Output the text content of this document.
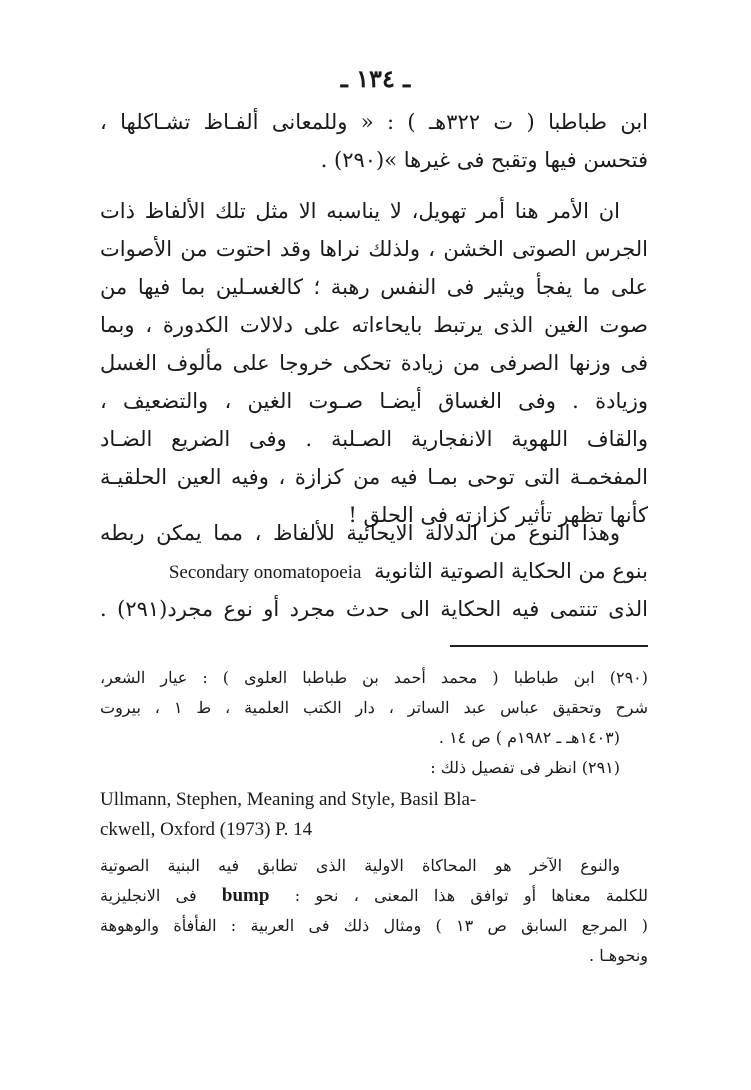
ـ ١٣٤ ـ
ابن طباطبا ( ت ٣٢٢هـ ) : « وللمعانى ألفـاظ تشـاكلها ،
فتحسن فيها وتقبح فى غيرها »(٢٩٠) .
ان الأمر هنا أمر تهويل، لا يناسبه الا مثل تلك الألفاظ ذات
الجرس الصوتى الخشن ، ولذلك نراها وقد احتوت من الأصوات
على ما يفجأ ويثير فى النفس رهبة ؛ كالغسـلين بما فيها من
صوت الغين الذى يرتبط بايحاءاته على دلالات الكدورة ، وبما
فى وزنها الصرفى من زيادة تحكى خروجا على مألوف الغسل
وزيادة . وفى الغساق أيضـا صـوت الغين ، والتضعيف ،
والقاف اللهوية الانفجارية الصـلبة . وفى الضريع الضـاد
المفخمـة التى توحى بمـا فيه من كزازة ، وفيه العين الحلقيـة
كأنها تظهر تأثير كزازته فى الحلق !
وهذا النوع من الدلالة الايحائية للألفاظ ، مما يمكن ربطه
بنوع من الحكاية الصوتية الثانوية Secondary onomatopoeia
الذى تنتمى فيه الحكاية الى حدث مجرد أو نوع مجرد(٢٩١) .
(٢٩٠) ابن طباطبا ( محمد أحمد بن طباطبا العلوى ) : عيار الشعر،
شرح وتحقيق عباس عبد الساتر ، دار الكتب العلمية ، ط ١ ، بيروت
(١٤٠٣هـ ـ ١٩٨٢م ) ص ١٤ .
(٢٩١) انظر فى تفصيل ذلك :
Ullmann, Stephen, Meaning and Style, Basil Bla-
ckwell, Oxford (1973) P. 14
والنوع الآخر هو المحاكاة الاولية الذى تطابق فيه البنية الصوتية
للكلمة معناها أو توافق هذا المعنى ، نحو : bump فى الانجليزية
( المرجع السابق ص ١٣ ) ومثال ذلك فى العربية : الفأفأة والوهوهة
ونحوهـا .
